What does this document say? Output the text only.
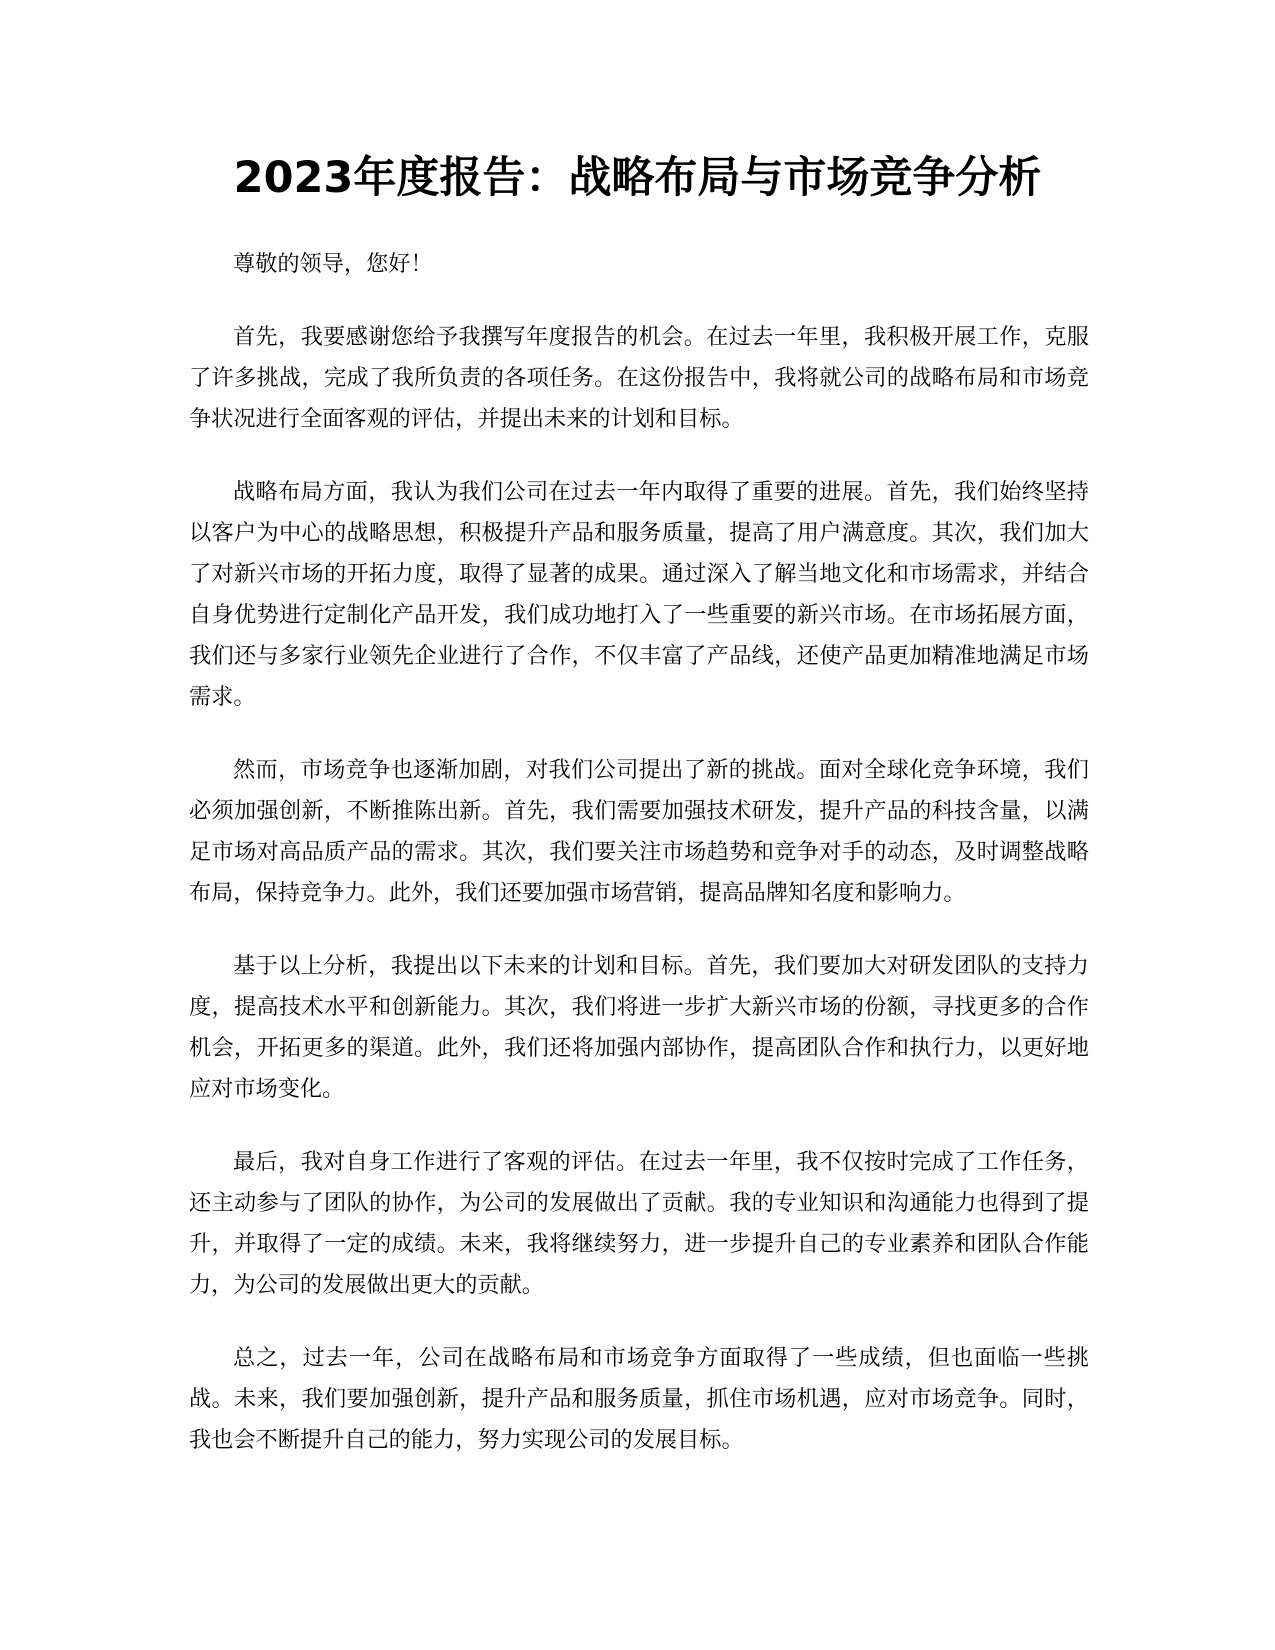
2023年度报告：战略布局与市场竞争分析

尊敬的领导，您好！

首先，我要感谢您给予我撰写年度报告的机会。在过去一年里，我积极开展工作，克服了许多挑战，完成了我所负责的各项任务。在这份报告中，我将就公司的战略布局和市场竞争状况进行全面客观的评估，并提出未来的计划和目标。

战略布局方面，我认为我们公司在过去一年内取得了重要的进展。首先，我们始终坚持以客户为中心的战略思想，积极提升产品和服务质量，提高了用户满意度。其次，我们加大了对新兴市场的开拓力度，取得了显著的成果。通过深入了解当地文化和市场需求，并结合自身优势进行定制化产品开发，我们成功地打入了一些重要的新兴市场。在市场拓展方面，我们还与多家行业领先企业进行了合作，不仅丰富了产品线，还使产品更加精准地满足市场需求。

然而，市场竞争也逐渐加剧，对我们公司提出了新的挑战。面对全球化竞争环境，我们必须加强创新，不断推陈出新。首先，我们需要加强技术研发，提升产品的科技含量，以满足市场对高品质产品的需求。其次，我们要关注市场趋势和竞争对手的动态，及时调整战略布局，保持竞争力。此外，我们还要加强市场营销，提高品牌知名度和影响力。

基于以上分析，我提出以下未来的计划和目标。首先，我们要加大对研发团队的支持力度，提高技术水平和创新能力。其次，我们将进一步扩大新兴市场的份额，寻找更多的合作机会，开拓更多的渠道。此外，我们还将加强内部协作，提高团队合作和执行力，以更好地应对市场变化。

最后，我对自身工作进行了客观的评估。在过去一年里，我不仅按时完成了工作任务，还主动参与了团队的协作，为公司的发展做出了贡献。我的专业知识和沟通能力也得到了提升，并取得了一定的成绩。未来，我将继续努力，进一步提升自己的专业素养和团队合作能力，为公司的发展做出更大的贡献。

总之，过去一年，公司在战略布局和市场竞争方面取得了一些成绩，但也面临一些挑战。未来，我们要加强创新，提升产品和服务质量，抓住市场机遇，应对市场竞争。同时，我也会不断提升自己的能力，努力实现公司的发展目标。
